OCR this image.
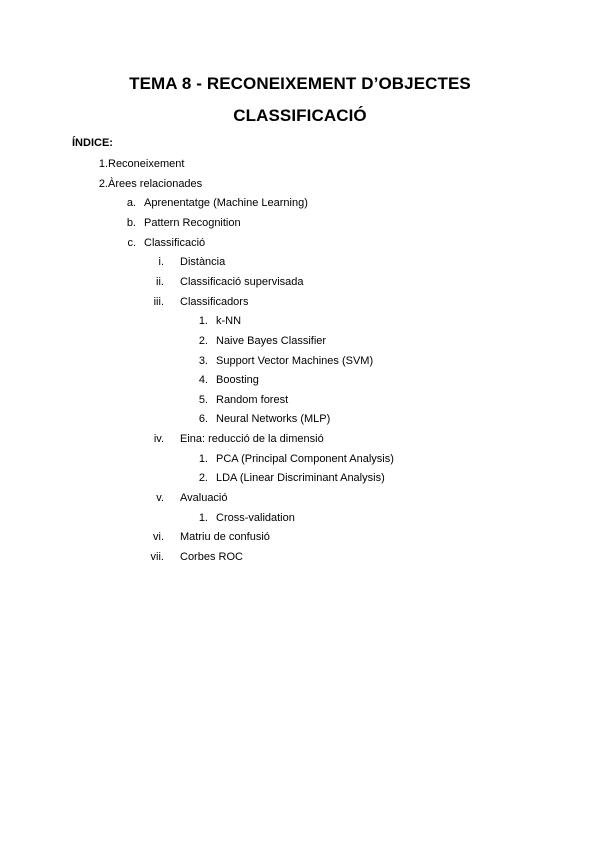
TEMA 8 - RECONEIXEMENT D’OBJECTES
CLASSIFICACIÓ
ÍNDICE:
1. Reconeixement
2. Àrees relacionades
a. Aprenentatge (Machine Learning)
b. Pattern Recognition
c. Classificació
i. Distància
ii. Classificació supervisada
iii. Classificadors
1. k-NN
2. Naive Bayes Classifier
3. Support Vector Machines (SVM)
4. Boosting
5. Random forest
6. Neural Networks (MLP)
iv. Eina: reducció de la dimensió
1. PCA (Principal Component Analysis)
2. LDA (Linear Discriminant Analysis)
v. Avaluació
1. Cross-validation
vi. Matriu de confusió
vii. Corbes ROC
